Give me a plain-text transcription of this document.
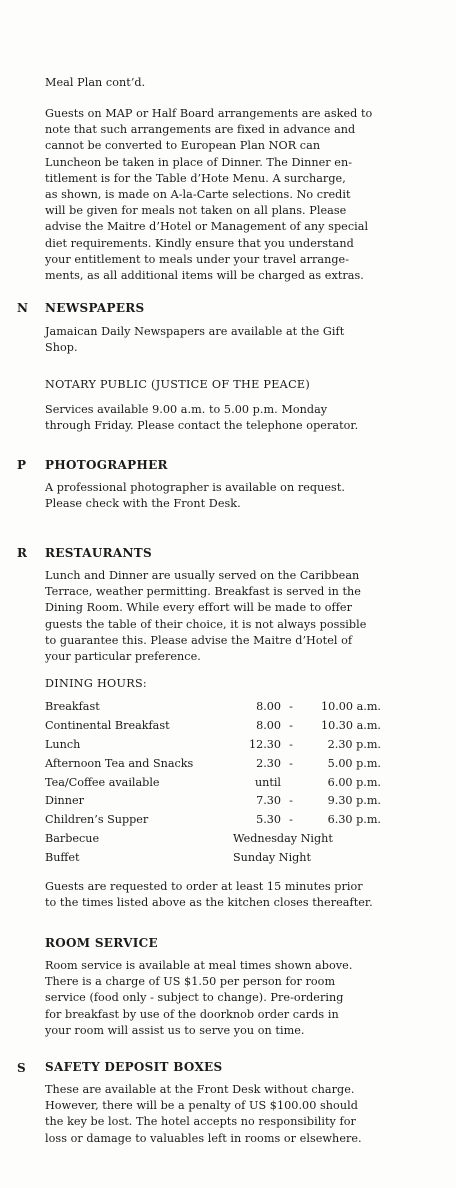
Meal Plan cont’d.
Guests on MAP or Half Board arrangements are asked to
note that such arrangements are fixed in advance and
cannot be converted to European Plan NOR can
Luncheon be taken in place of Dinner. The Dinner en-
titlement is for the Table d’Hote Menu. A surcharge,
as shown, is made on A-la-Carte selections. No credit
will be given for meals not taken on all plans. Please
advise the Maitre d’Hotel or Management of any special
diet requirements. Kindly ensure that you understand
your entitlement to meals under your travel arrange-
ments, as all additional items will be charged as extras.
N NEWSPAPERS
Jamaican Daily Newspapers are available at the Gift
Shop.
NOTARY PUBLIC (JUSTICE OF THE PEACE)
Services available 9.00 a.m. to 5.00 p.m. Monday
through Friday. Please contact the telephone operator.
P PHOTOGRAPHER
A professional photographer is available on request.
Please check with the Front Desk.
R RESTAURANTS
Lunch and Dinner are usually served on the Caribbean
Terrace, weather permitting. Breakfast is served in the
Dining Room. While every effort will be made to offer
guests the table of their choice, it is not always possible
to guarantee this. Please advise the Maitre d’Hotel of
your particular preference.
DINING HOURS:
Breakfast	8.00	-	10.00 a.m.
Continental Breakfast	8.00	-	10.30 a.m.
Lunch	12.30	-	2.30 p.m.
Afternoon Tea and Snacks	2.30	-	5.00 p.m.
Tea/Coffee available	until		6.00 p.m.
Dinner	7.30	-	9.30 p.m.
Children’s Supper	5.30	-	6.30 p.m.
Barbecue	Wednesday Night		
Buffet	Sunday Night		
Guests are requested to order at least 15 minutes prior
to the times listed above as the kitchen closes thereafter.
ROOM SERVICE
Room service is available at meal times shown above.
There is a charge of US $1.50 per person for room
service (food only - subject to change). Pre-ordering
for breakfast by use of the doorknob order cards in
your room will assist us to serve you on time.
S SAFETY DEPOSIT BOXES
These are available at the Front Desk without charge.
However, there will be a penalty of US $100.00 should
the key be lost. The hotel accepts no responsibility for
loss or damage to valuables left in rooms or elsewhere.
